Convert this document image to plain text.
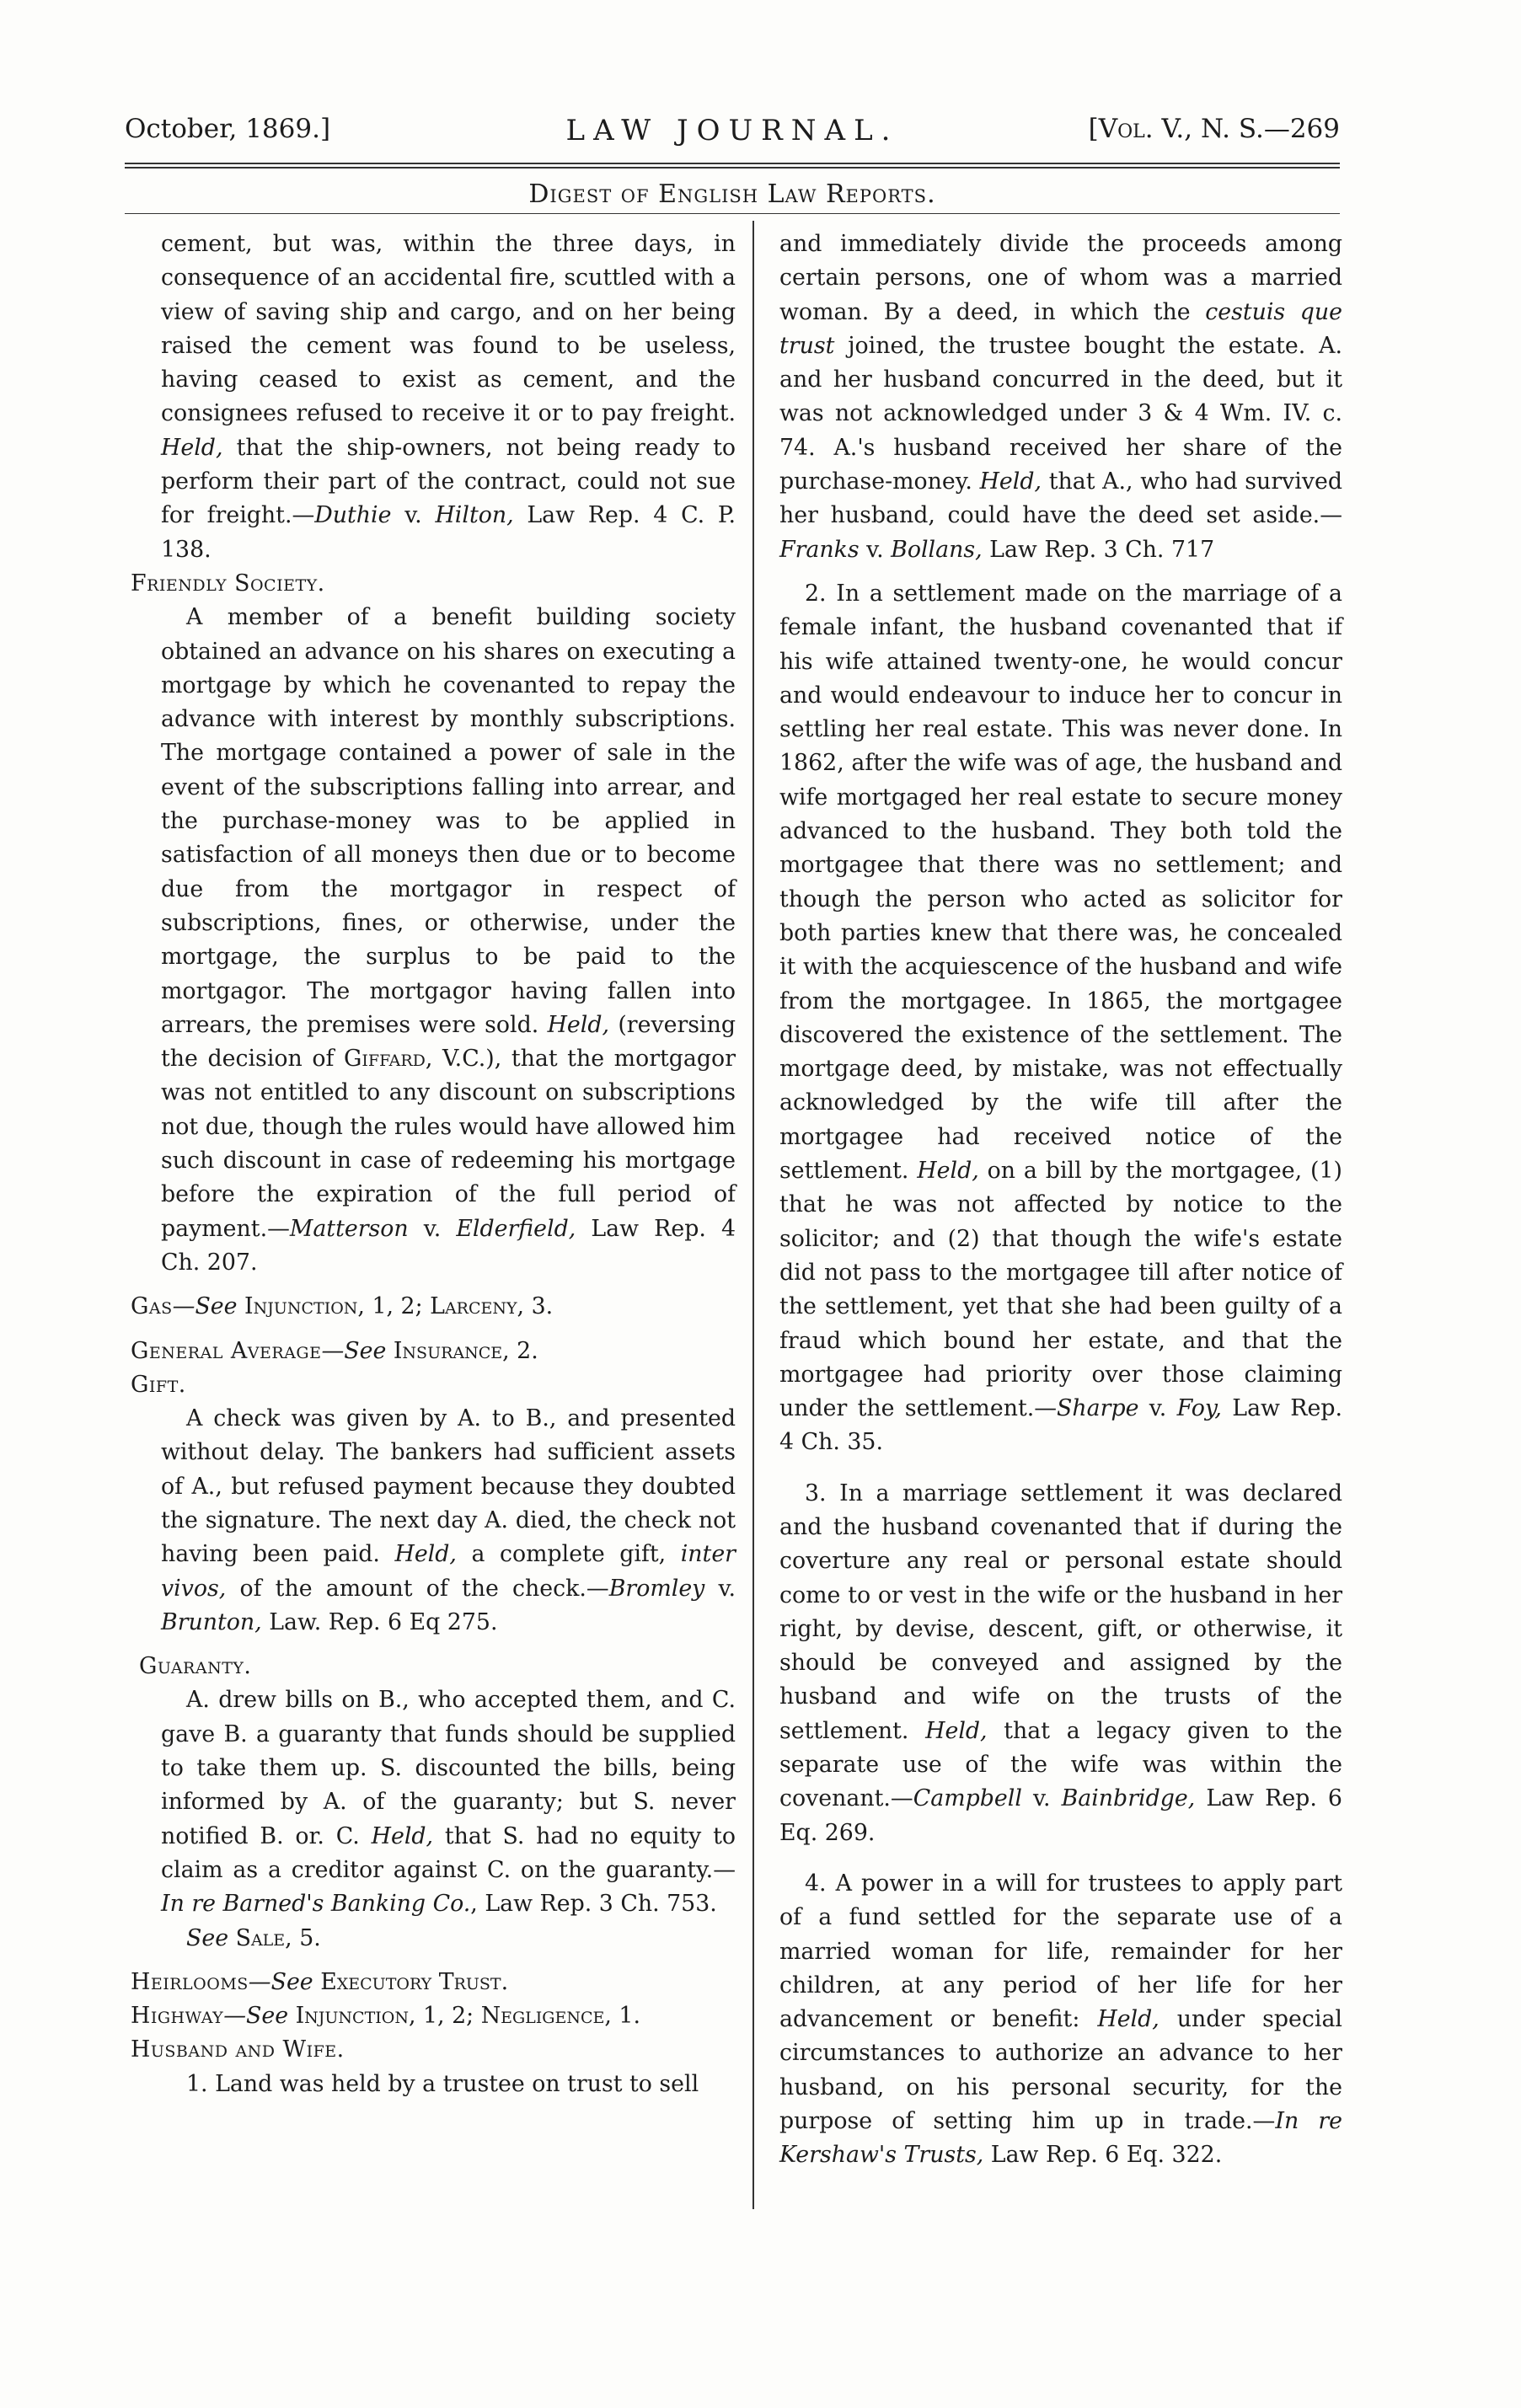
October, 1869.]	LAW JOURNAL.	[Vol. V., N. S.—269
Digest of English Law Reports.

cement, but was, within the three days, in consequence of an accidental fire, scuttled with a view of saving ship and cargo, and on her being raised the cement was found to be useless, having ceased to exist as cement, and the consignees refused to receive it or to pay freight. Held, that the ship-owners, not being ready to perform their part of the contract, could not sue for freight.—Duthie v. Hilton, Law Rep. 4 C. P. 138.

Friendly Society.

A member of a benefit building society obtained an advance on his shares on executing a mortgage by which he covenanted to repay the advance with interest by monthly subscriptions. The mortgage contained a power of sale in the event of the subscriptions falling into arrear, and the purchase-money was to be applied in satisfaction of all moneys then due or to become due from the mortgagor in respect of subscriptions, fines, or otherwise, under the mortgage, the surplus to be paid to the mortgagor. The mortgagor having fallen into arrears, the premises were sold. Held, (reversing the decision of Giffard, V.C.), that the mortgagor was not entitled to any discount on subscriptions not due, though the rules would have allowed him such discount in case of redeeming his mortgage before the expiration of the full period of payment.—Matterson v. Elderfield, Law Rep. 4 Ch. 207.

Gas—See Injunction, 1, 2; Larceny, 3.

General Average—See Insurance, 2.

Gift.

A check was given by A. to B., and presented without delay. The bankers had sufficient assets of A., but refused payment because they doubted the signature. The next day A. died, the check not having been paid. Held, a complete gift, inter vivos, of the amount of the check.—Bromley v. Brunton, Law. Rep. 6 Eq 275.

Guaranty.

A. drew bills on B., who accepted them, and C. gave B. a guaranty that funds should be supplied to take them up. S. discounted the bills, being informed by A. of the guaranty; but S. never notified B. or. C. Held, that S. had no equity to claim as a creditor against C. on the guaranty.—In re Barned's Banking Co., Law Rep. 3 Ch. 753.

See Sale, 5.

Heirlooms—See Executory Trust.

Highway—See Injunction, 1, 2; Negligence, 1.

Husband and Wife.

1. Land was held by a trustee on trust to sell

and immediately divide the proceeds among certain persons, one of whom was a married woman. By a deed, in which the cestuis que trust joined, the trustee bought the estate. A. and her husband concurred in the deed, but it was not acknowledged under 3 & 4 Wm. IV. c. 74. A.'s husband received her share of the purchase-money. Held, that A., who had survived her husband, could have the deed set aside.—Franks v. Bollans, Law Rep. 3 Ch. 717

2. In a settlement made on the marriage of a female infant, the husband covenanted that if his wife attained twenty-one, he would concur and would endeavour to induce her to concur in settling her real estate. This was never done. In 1862, after the wife was of age, the husband and wife mortgaged her real estate to secure money advanced to the husband. They both told the mortgagee that there was no settlement; and though the person who acted as solicitor for both parties knew that there was, he concealed it with the acquiescence of the husband and wife from the mortgagee. In 1865, the mortgagee discovered the existence of the settlement. The mortgage deed, by mistake, was not effectually acknowledged by the wife till after the mortgagee had received notice of the settlement. Held, on a bill by the mortgagee, (1) that he was not affected by notice to the solicitor; and (2) that though the wife's estate did not pass to the mortgagee till after notice of the settlement, yet that she had been guilty of a fraud which bound her estate, and that the mortgagee had priority over those claiming under the settlement.—Sharpe v. Foy, Law Rep. 4 Ch. 35.

3. In a marriage settlement it was declared and the husband covenanted that if during the coverture any real or personal estate should come to or vest in the wife or the husband in her right, by devise, descent, gift, or otherwise, it should be conveyed and assigned by the husband and wife on the trusts of the settlement. Held, that a legacy given to the separate use of the wife was within the covenant.—Campbell v. Bainbridge, Law Rep. 6 Eq. 269.

4. A power in a will for trustees to apply part of a fund settled for the separate use of a married woman for life, remainder for her children, at any period of her life for her advancement or benefit: Held, under special circumstances to authorize an advance to her husband, on his personal security, for the purpose of setting him up in trade.—In re Kershaw's Trusts, Law Rep. 6 Eq. 322.
